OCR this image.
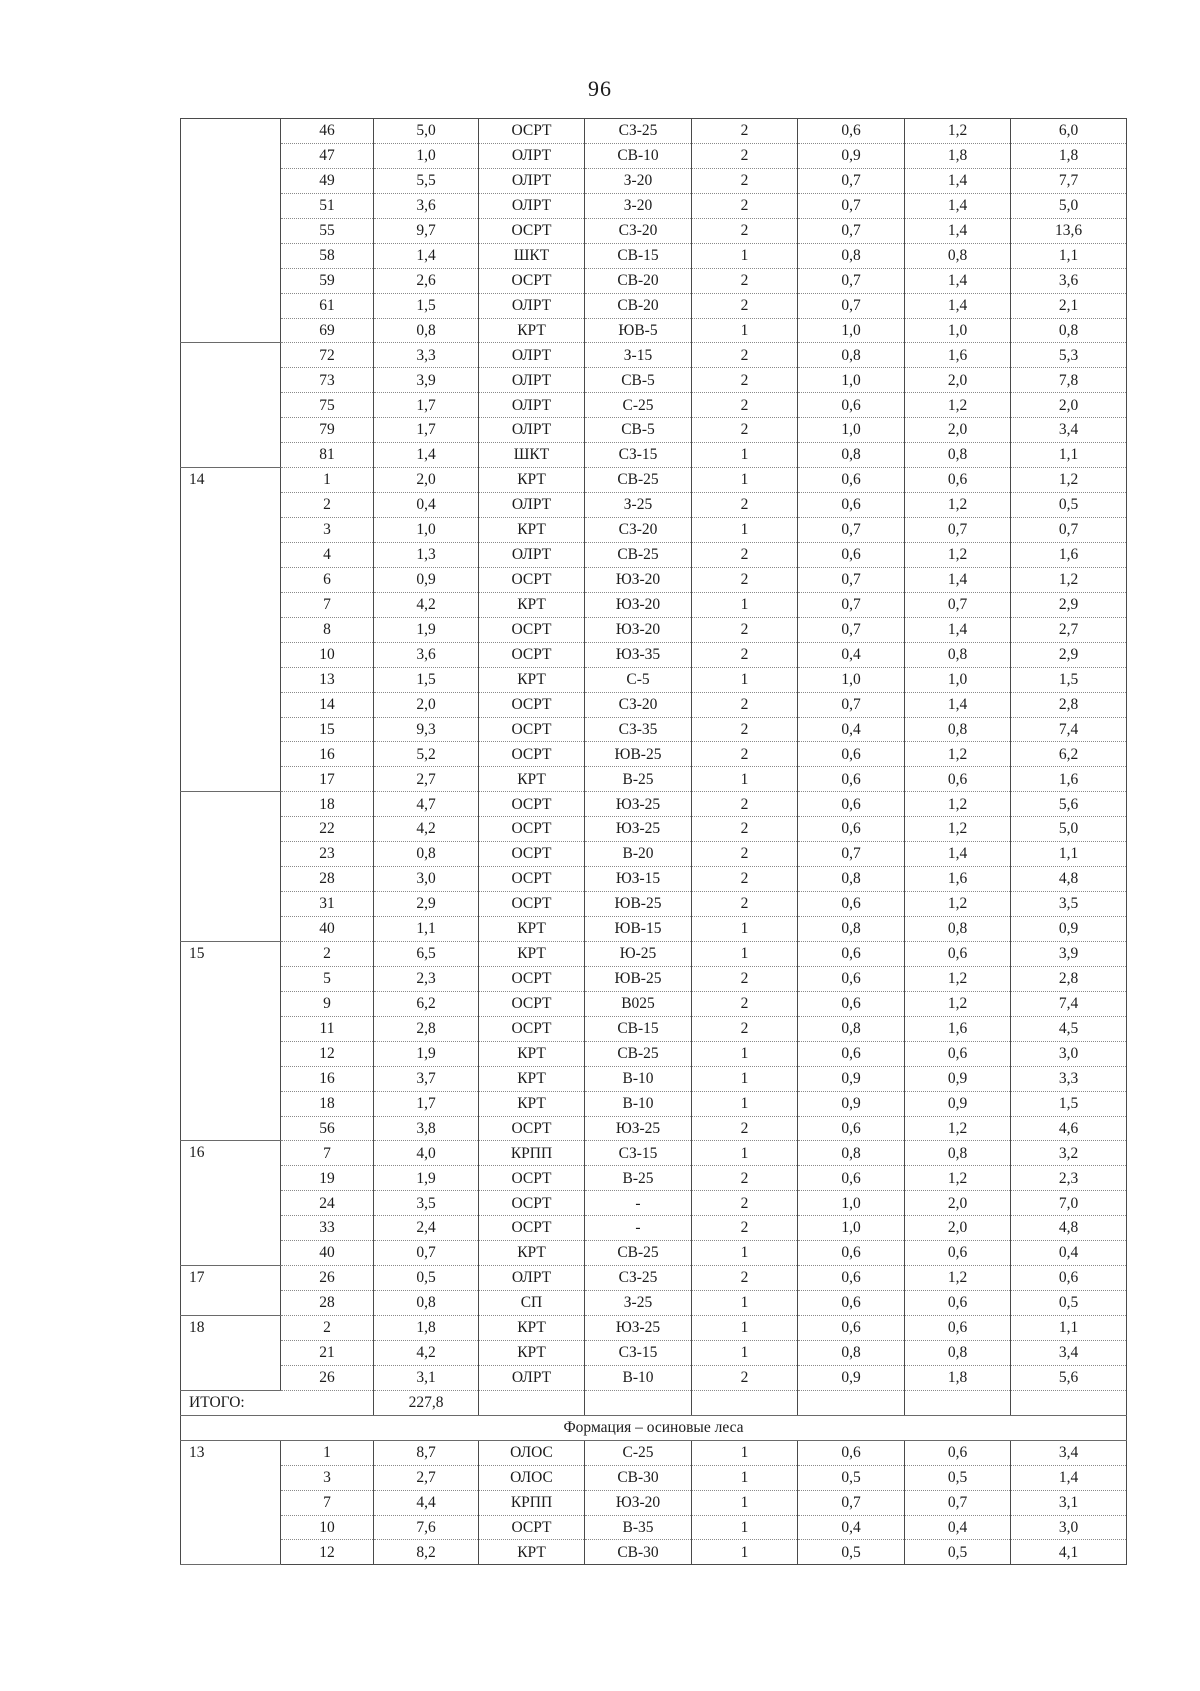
96
	46	5,0	ОСРТ	СЗ-25	2	0,6	1,2	6,0
	47	1,0	ОЛРТ	СВ-10	2	0,9	1,8	1,8
	49	5,5	ОЛРТ	З-20	2	0,7	1,4	7,7
	51	3,6	ОЛРТ	З-20	2	0,7	1,4	5,0
	55	9,7	ОСРТ	СЗ-20	2	0,7	1,4	13,6
	58	1,4	ШКТ	СВ-15	1	0,8	0,8	1,1
	59	2,6	ОСРТ	СВ-20	2	0,7	1,4	3,6
	61	1,5	ОЛРТ	СВ-20	2	0,7	1,4	2,1
	69	0,8	КРТ	ЮВ-5	1	1,0	1,0	0,8
	72	3,3	ОЛРТ	З-15	2	0,8	1,6	5,3
	73	3,9	ОЛРТ	СВ-5	2	1,0	2,0	7,8
	75	1,7	ОЛРТ	С-25	2	0,6	1,2	2,0
	79	1,7	ОЛРТ	СВ-5	2	1,0	2,0	3,4
	81	1,4	ШКТ	СЗ-15	1	0,8	0,8	1,1
14	1	2,0	КРТ	СВ-25	1	0,6	0,6	1,2
	2	0,4	ОЛРТ	З-25	2	0,6	1,2	0,5
	3	1,0	КРТ	СЗ-20	1	0,7	0,7	0,7
	4	1,3	ОЛРТ	СВ-25	2	0,6	1,2	1,6
	6	0,9	ОСРТ	ЮЗ-20	2	0,7	1,4	1,2
	7	4,2	КРТ	ЮЗ-20	1	0,7	0,7	2,9
	8	1,9	ОСРТ	ЮЗ-20	2	0,7	1,4	2,7
	10	3,6	ОСРТ	ЮЗ-35	2	0,4	0,8	2,9
	13	1,5	КРТ	С-5	1	1,0	1,0	1,5
	14	2,0	ОСРТ	СЗ-20	2	0,7	1,4	2,8
	15	9,3	ОСРТ	СЗ-35	2	0,4	0,8	7,4
	16	5,2	ОСРТ	ЮВ-25	2	0,6	1,2	6,2
	17	2,7	КРТ	В-25	1	0,6	0,6	1,6
	18	4,7	ОСРТ	ЮЗ-25	2	0,6	1,2	5,6
	22	4,2	ОСРТ	ЮЗ-25	2	0,6	1,2	5,0
	23	0,8	ОСРТ	В-20	2	0,7	1,4	1,1
	28	3,0	ОСРТ	ЮЗ-15	2	0,8	1,6	4,8
	31	2,9	ОСРТ	ЮВ-25	2	0,6	1,2	3,5
	40	1,1	КРТ	ЮВ-15	1	0,8	0,8	0,9
15	2	6,5	КРТ	Ю-25	1	0,6	0,6	3,9
	5	2,3	ОСРТ	ЮВ-25	2	0,6	1,2	2,8
	9	6,2	ОСРТ	В025	2	0,6	1,2	7,4
	11	2,8	ОСРТ	СВ-15	2	0,8	1,6	4,5
	12	1,9	КРТ	СВ-25	1	0,6	0,6	3,0
	16	3,7	КРТ	В-10	1	0,9	0,9	3,3
	18	1,7	КРТ	В-10	1	0,9	0,9	1,5
	56	3,8	ОСРТ	ЮЗ-25	2	0,6	1,2	4,6
16	7	4,0	КРПП	СЗ-15	1	0,8	0,8	3,2
	19	1,9	ОСРТ	В-25	2	0,6	1,2	2,3
	24	3,5	ОСРТ	-	2	1,0	2,0	7,0
	33	2,4	ОСРТ	-	2	1,0	2,0	4,8
	40	0,7	КРТ	СВ-25	1	0,6	0,6	0,4
17	26	0,5	ОЛРТ	СЗ-25	2	0,6	1,2	0,6
	28	0,8	СП	З-25	1	0,6	0,6	0,5
18	2	1,8	КРТ	ЮЗ-25	1	0,6	0,6	1,1
	21	4,2	КРТ	СЗ-15	1	0,8	0,8	3,4
	26	3,1	ОЛРТ	В-10	2	0,9	1,8	5,6
ИТОГО:		227,8						
Формация – осиновые леса								
13	1	8,7	ОЛОС	С-25	1	0,6	0,6	3,4
	3	2,7	ОЛОС	СВ-30	1	0,5	0,5	1,4
	7	4,4	КРПП	ЮЗ-20	1	0,7	0,7	3,1
	10	7,6	ОСРТ	В-35	1	0,4	0,4	3,0
	12	8,2	КРТ	СВ-30	1	0,5	0,5	4,1
